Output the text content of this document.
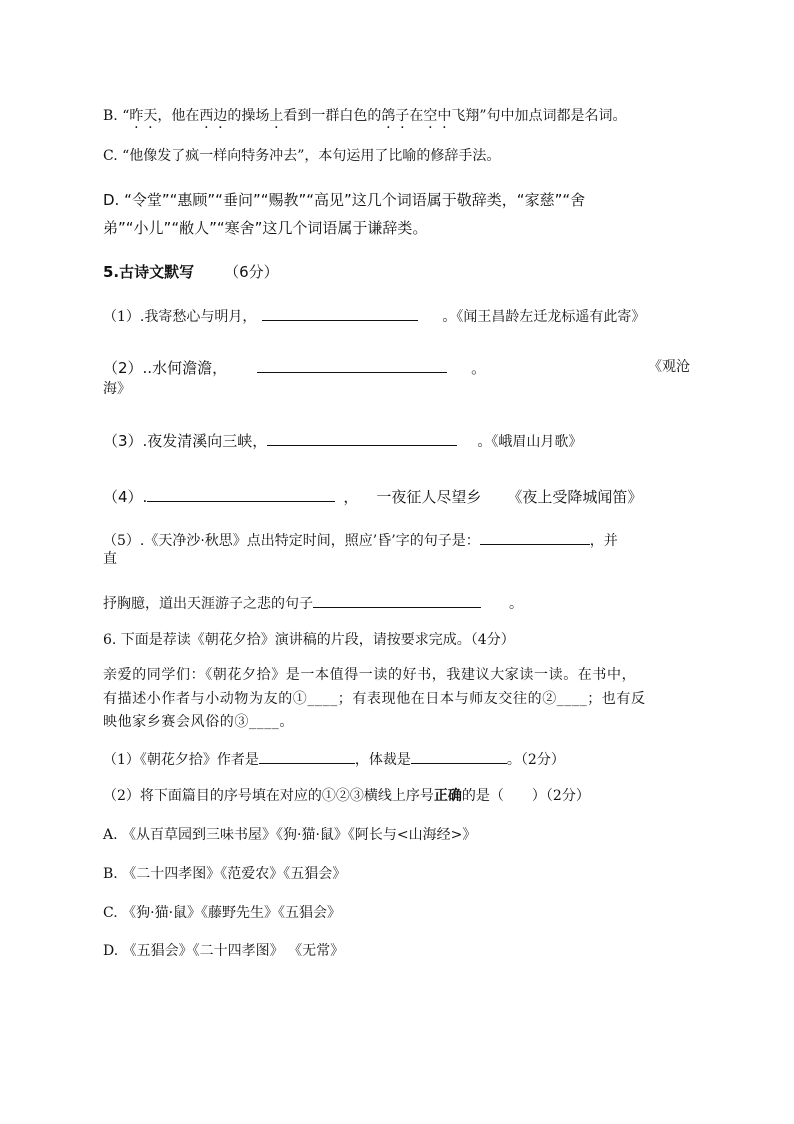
B. “昨天，他在西边的操场上看到一群白色的鸽子在空中飞翔”句中加点词都是名词。
C. “他像发了疯一样向特务冲去”，本句运用了比喻的修辞手法。
D. “令堂”“惠顾”“垂问”“赐教”“高见”这几个词语属于敬辞类，“家慈”“舍
弟”“小儿”“敝人”“寒舍”这几个词语属于谦辞类。
5.古诗文默写 （6分）
（1）.我寄愁心与明月，	。《闻王昌龄左迁龙标遥有此寄》
（2）..水何澹澹，	。	《观沧
海》
（3）.夜发清溪向三峡，	。《峨眉山月歌》
（4）.	， 一夜征人尽望乡 《夜上受降城闻笛》
（5）.《天净沙·秋思》点出特定时间，照应’昏’字的句子是：	，并
直
抒胸臆，道出天涯游子之悲的句子	。
6. 下面是荐读《朝花夕拾》演讲稿的片段，请按要求完成。（4分）
亲爱的同学们：《朝花夕拾》是一本值得一读的好书，我建议大家读一读。在书中，
有描述小作者与小动物为友的①____；有表现他在日本与师友交往的②____；也有反
映他家乡赛会风俗的③____。
（1）《朝花夕拾》作者是	，体裁是	。（2分）
（2）将下面篇目的序号填在对应的①②③横线上序号正确的是（　　）（2分）
A. 《从百草园到三味书屋》《狗·猫·鼠》《阿长与<山海经>》
B. 《二十四孝图》《范爱农》《五猖会》
C. 《狗·猫·鼠》《藤野先生》《五猖会》
D. 《五猖会》《二十四孝图》 《无常》
